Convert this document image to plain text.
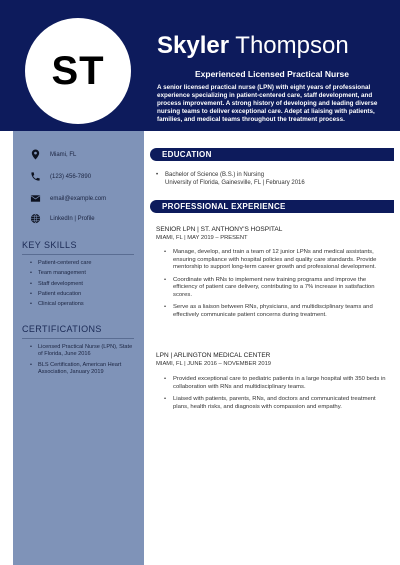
ST
Skyler Thompson
Experienced Licensed Practical Nurse
A senior licensed practical nurse (LPN) with eight years of professional experience specializing in patient-centered care, staff development, and process improvement. A strong history of developing and leading diverse nursing teams to deliver exceptional care. Adept at liaising with patients, families, and medical teams throughout the treatment process.
Miami, FL
(123) 456-7890
email@example.com
LinkedIn | Profile
KEY SKILLS
• Patient-centered care
• Team management
• Staff development
• Patient education
• Clinical operations
CERTIFICATIONS
• Licensed Practical Nurse (LPN), State of Florida, June 2016
• BLS Certification, American Heart Association, January 2019
EDUCATION
• Bachelor of Science (B.S.) in Nursing
University of Florida, Gainesville, FL | February 2016
PROFESSIONAL EXPERIENCE
SENIOR LPN | ST. ANTHONY'S HOSPITAL
MIAMI, FL | MAY 2019 – PRESENT
• Manage, develop, and train a team of 12 junior LPNs and medical assistants, ensuring compliance with hospital policies and quality care standards. Provide mentorship to support long-term career growth and professional development.
• Coordinate with RNs to implement new training programs and improve the efficiency of patient care delivery, contributing to a 7% increase in satisfaction scores.
• Serve as a liaison between RNs, physicians, and multidisciplinary teams and effectively communicate patient concerns during treatment.
LPN | ARLINGTON MEDICAL CENTER
MIAMI, FL | JUNE 2016 – NOVEMBER 2019
• Provided exceptional care to pediatric patients in a large hospital with 350 beds in collaboration with RNs and multidisciplinary teams.
• Liaised with patients, parents, RNs, and doctors and communicated treatment plans, health risks, and diagnosis with compassion and empathy.
